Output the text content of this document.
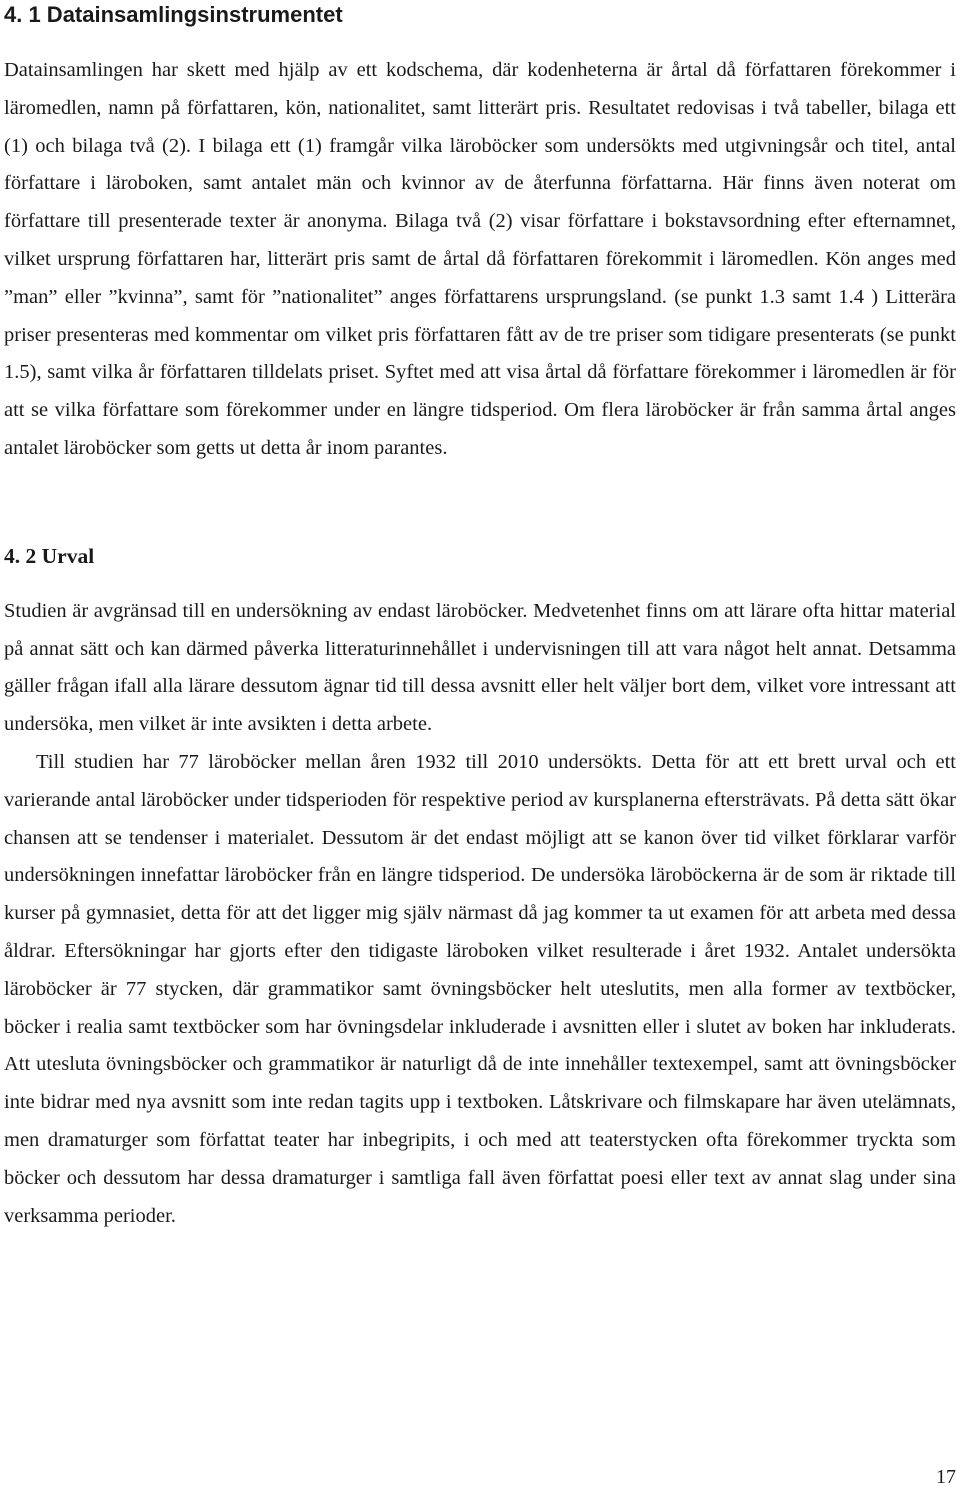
4. 1 Datainsamlingsinstrumentet

Datainsamlingen har skett med hjälp av ett kodschema, där kodenheterna är årtal då författaren förekommer i läromedlen, namn på författaren, kön, nationalitet, samt litterärt pris. Resultatet redovisas i två tabeller, bilaga ett (1) och bilaga två (2). I bilaga ett (1) framgår vilka läroböcker som undersökts med utgivningsår och titel, antal författare i läroboken, samt antalet män och kvinnor av de återfunna författarna. Här finns även noterat om författare till presenterade texter är anonyma. Bilaga två (2) visar författare i bokstavsordning efter efternamnet, vilket ursprung författaren har, litterärt pris samt de årtal då författaren förekommit i läromedlen. Kön anges med ”man” eller ”kvinna”, samt för ”nationalitet” anges författarens ursprungsland. (se punkt 1.3 samt 1.4 ) Litterära priser presenteras med kommentar om vilket pris författaren fått av de tre priser som tidigare presenterats (se punkt 1.5), samt vilka år författaren tilldelats priset. Syftet med att visa årtal då författare förekommer i läromedlen är för att se vilka författare som förekommer under en längre tidsperiod. Om flera läroböcker är från samma årtal anges antalet läroböcker som getts ut detta år inom parantes.

4. 2 Urval

Studien är avgränsad till en undersökning av endast läroböcker. Medvetenhet finns om att lärare ofta hittar material på annat sätt och kan därmed påverka litteraturinnehållet i undervisningen till att vara något helt annat. Detsamma gäller frågan ifall alla lärare dessutom ägnar tid till dessa avsnitt eller helt väljer bort dem, vilket vore intressant att undersöka, men vilket är inte avsikten i detta arbete.

Till studien har 77 läroböcker mellan åren 1932 till 2010 undersökts. Detta för att ett brett urval och ett varierande antal läroböcker under tidsperioden för respektive period av kursplanerna eftersträvats. På detta sätt ökar chansen att se tendenser i materialet. Dessutom är det endast möjligt att se kanon över tid vilket förklarar varför undersökningen innefattar läroböcker från en längre tidsperiod. De undersöka läroböckerna är de som är riktade till kurser på gymnasiet, detta för att det ligger mig själv närmast då jag kommer ta ut examen för att arbeta med dessa åldrar. Eftersökningar har gjorts efter den tidigaste läroboken vilket resulterade i året 1932. Antalet undersökta läroböcker är 77 stycken, där grammatikor samt övningsböcker helt uteslutits, men alla former av textböcker, böcker i realia samt textböcker som har övningsdelar inkluderade i avsnitten eller i slutet av boken har inkluderats. Att utesluta övningsböcker och grammatikor är naturligt då de inte innehåller textexempel, samt att övningsböcker inte bidrar med nya avsnitt som inte redan tagits upp i textboken. Låtskrivare och filmskapare har även utelämnats, men dramaturger som författat teater har inbegripits, i och med att teaterstycken ofta förekommer tryckta som böcker och dessutom har dessa dramaturger i samtliga fall även författat poesi eller text av annat slag under sina verksamma perioder.

17
